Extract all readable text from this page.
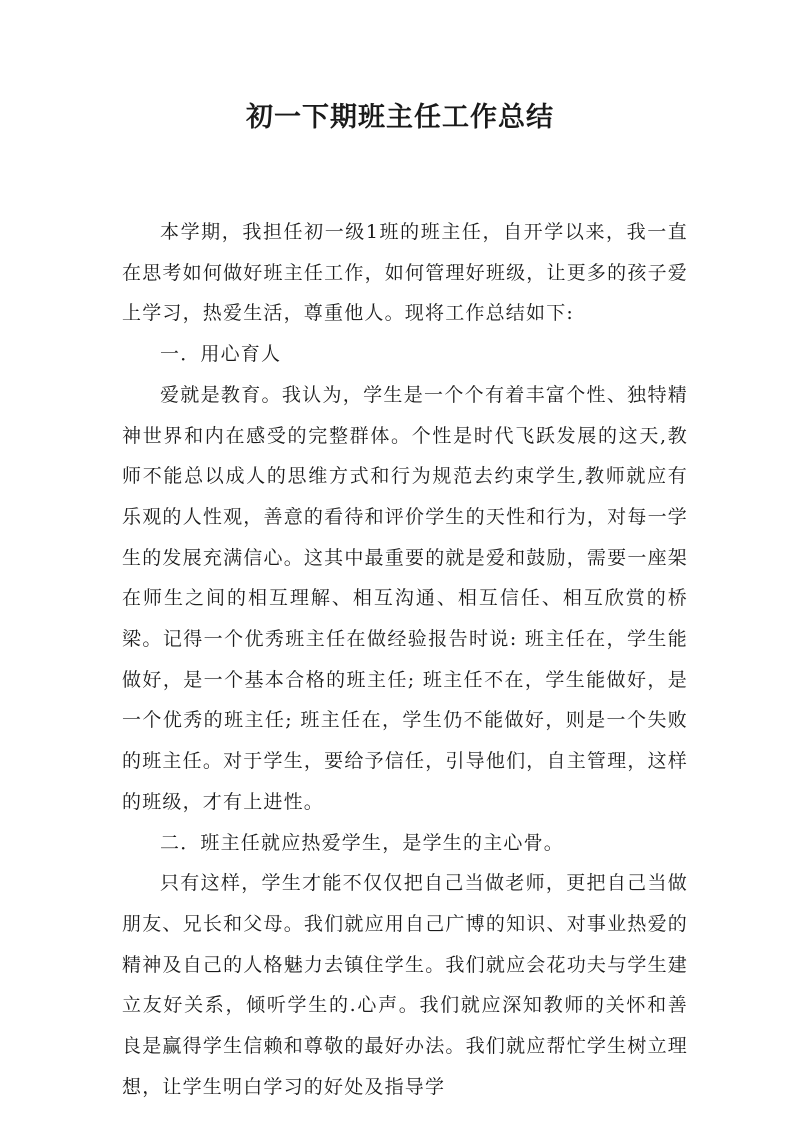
初一下期班主任工作总结

本学期，我担任初一级1班的班主任，自开学以来，我一直在思考如何做好班主任工作，如何管理好班级，让更多的孩子爱上学习，热爱生活，尊重他人。现将工作总结如下:

一．用心育人

爱就是教育。我认为，学生是一个个有着丰富个性、独特精神世界和内在感受的完整群体。个性是时代飞跃发展的这天,教师不能总以成人的思维方式和行为规范去约束学生,教师就应有乐观的人性观，善意的看待和评价学生的天性和行为，对每一学生的发展充满信心。这其中最重要的就是爱和鼓励，需要一座架在师生之间的相互理解、相互沟通、相互信任、相互欣赏的桥梁。记得一个优秀班主任在做经验报告时说: 班主任在，学生能做好，是一个基本合格的班主任; 班主任不在，学生能做好，是一个优秀的班主任; 班主任在，学生仍不能做好，则是一个失败的班主任。对于学生，要给予信任，引导他们，自主管理，这样的班级，才有上进性。

二．班主任就应热爱学生，是学生的主心骨。

只有这样，学生才能不仅仅把自己当做老师，更把自己当做朋友、兄长和父母。我们就应用自己广博的知识、对事业热爱的精神及自己的人格魅力去镇住学生。我们就应会花功夫与学生建立友好关系，倾听学生的.心声。我们就应深知教师的关怀和善良是赢得学生信赖和尊敬的最好办法。我们就应帮忙学生树立理想，让学生明白学习的好处及指导学
